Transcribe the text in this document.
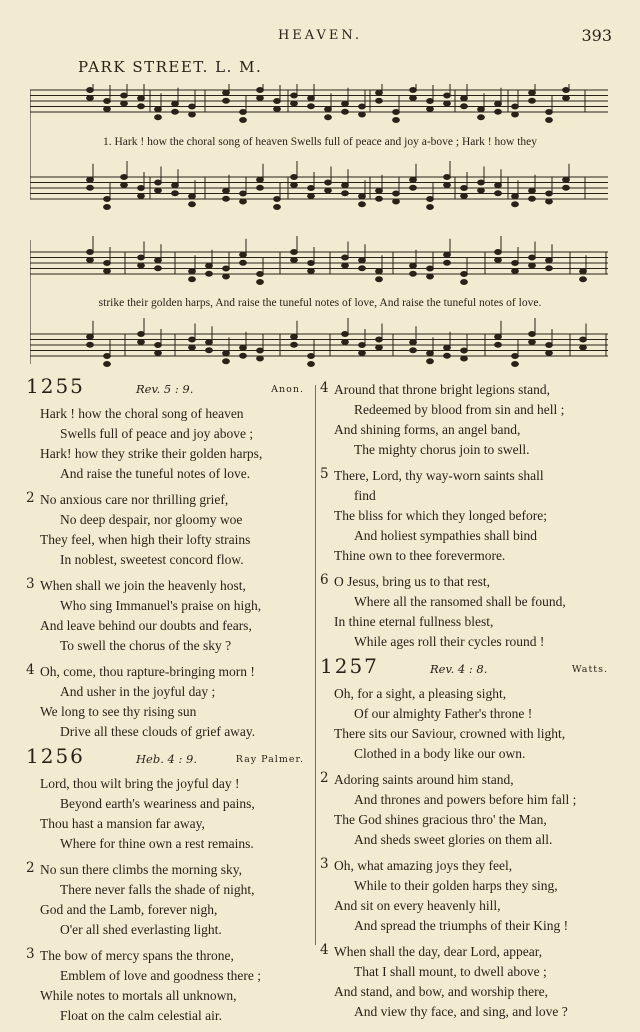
HEAVEN.	393
PARK STREET. L. M.
1. Hark ! how the choral song of heaven Swells full of peace and joy a-bove ; Hark ! how they
strike their golden harps, And raise the tuneful notes of love, And raise the tuneful notes of love.
1255	Rev. 5 : 9.	Anon.
Hark ! how the choral song of heaven
Swells full of peace and joy above ;
Hark! how they strike their golden harps,
And raise the tuneful notes of love.
2 No anxious care nor thrilling grief,
No deep despair, nor gloomy woe
They feel, when high their lofty strains
In noblest, sweetest concord flow.
3 When shall we join the heavenly host,
Who sing Immanuel's praise on high,
And leave behind our doubts and fears,
To swell the chorus of the sky ?
4 Oh, come, thou rapture-bringing morn !
And usher in the joyful day ;
We long to see thy rising sun
Drive all these clouds of grief away.
1256	Heb. 4 : 9.	Ray Palmer.
Lord, thou wilt bring the joyful day !
Beyond earth's weariness and pains,
Thou hast a mansion far away,
Where for thine own a rest remains.
2 No sun there climbs the morning sky,
There never falls the shade of night,
God and the Lamb, forever nigh,
O'er all shed everlasting light.
3 The bow of mercy spans the throne,
Emblem of love and goodness there ;
While notes to mortals all unknown,
Float on the calm celestial air.
4 Around that throne bright legions stand,
Redeemed by blood from sin and hell ;
And shining forms, an angel band,
The mighty chorus join to swell.
5 There, Lord, thy way-worn saints shall
find
The bliss for which they longed before;
And holiest sympathies shall bind
Thine own to thee forevermore.
6 O Jesus, bring us to that rest,
Where all the ransomed shall be found,
In thine eternal fullness blest,
While ages roll their cycles round !
1257	Rev. 4 : 8.	Watts.
Oh, for a sight, a pleasing sight,
Of our almighty Father's throne !
There sits our Saviour, crowned with light,
Clothed in a body like our own.
2 Adoring saints around him stand,
And thrones and powers before him fall ;
The God shines gracious thro' the Man,
And sheds sweet glories on them all.
3 Oh, what amazing joys they feel,
While to their golden harps they sing,
And sit on every heavenly hill,
And spread the triumphs of their King !
4 When shall the day, dear Lord, appear,
That I shall mount, to dwell above ;
And stand, and bow, and worship there,
And view thy face, and sing, and love ?
